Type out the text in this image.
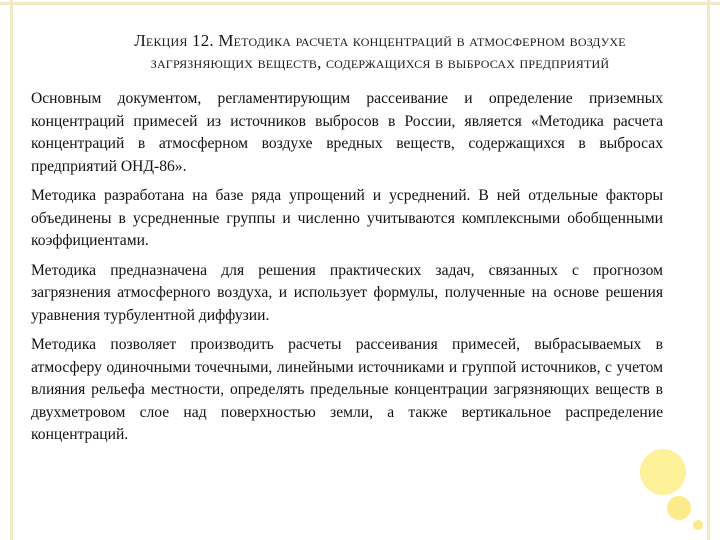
Лекция 12. Методика расчета концентраций в атмосферном воздухе
загрязняющих веществ, содержащихся в выбросах предприятий

Основным документом, регламентирующим рассеивание и определение приземных концентраций примесей из источников выбросов в России, является «Методика расчета концентраций в атмосферном воздухе вредных веществ, содержащихся в выбросах предприятий ОНД-86».

Методика разработана на базе ряда упрощений и усреднений. В ней отдельные факторы объединены в усредненные группы и численно учитываются комплексными обобщенными коэффициентами.

Методика предназначена для решения практических задач, связанных с прогнозом загрязнения атмосферного воздуха, и использует формулы, полученные на основе решения уравнения турбулентной диффузии.

Методика позволяет производить расчеты рассеивания примесей, выбрасываемых в атмосферу одиночными точечными, линейными источниками и группой источников, с учетом влияния рельефа местности, определять предельные концентрации загрязняющих веществ в двухметровом слое над поверхностью земли, а также вертикальное распределение концентраций.
